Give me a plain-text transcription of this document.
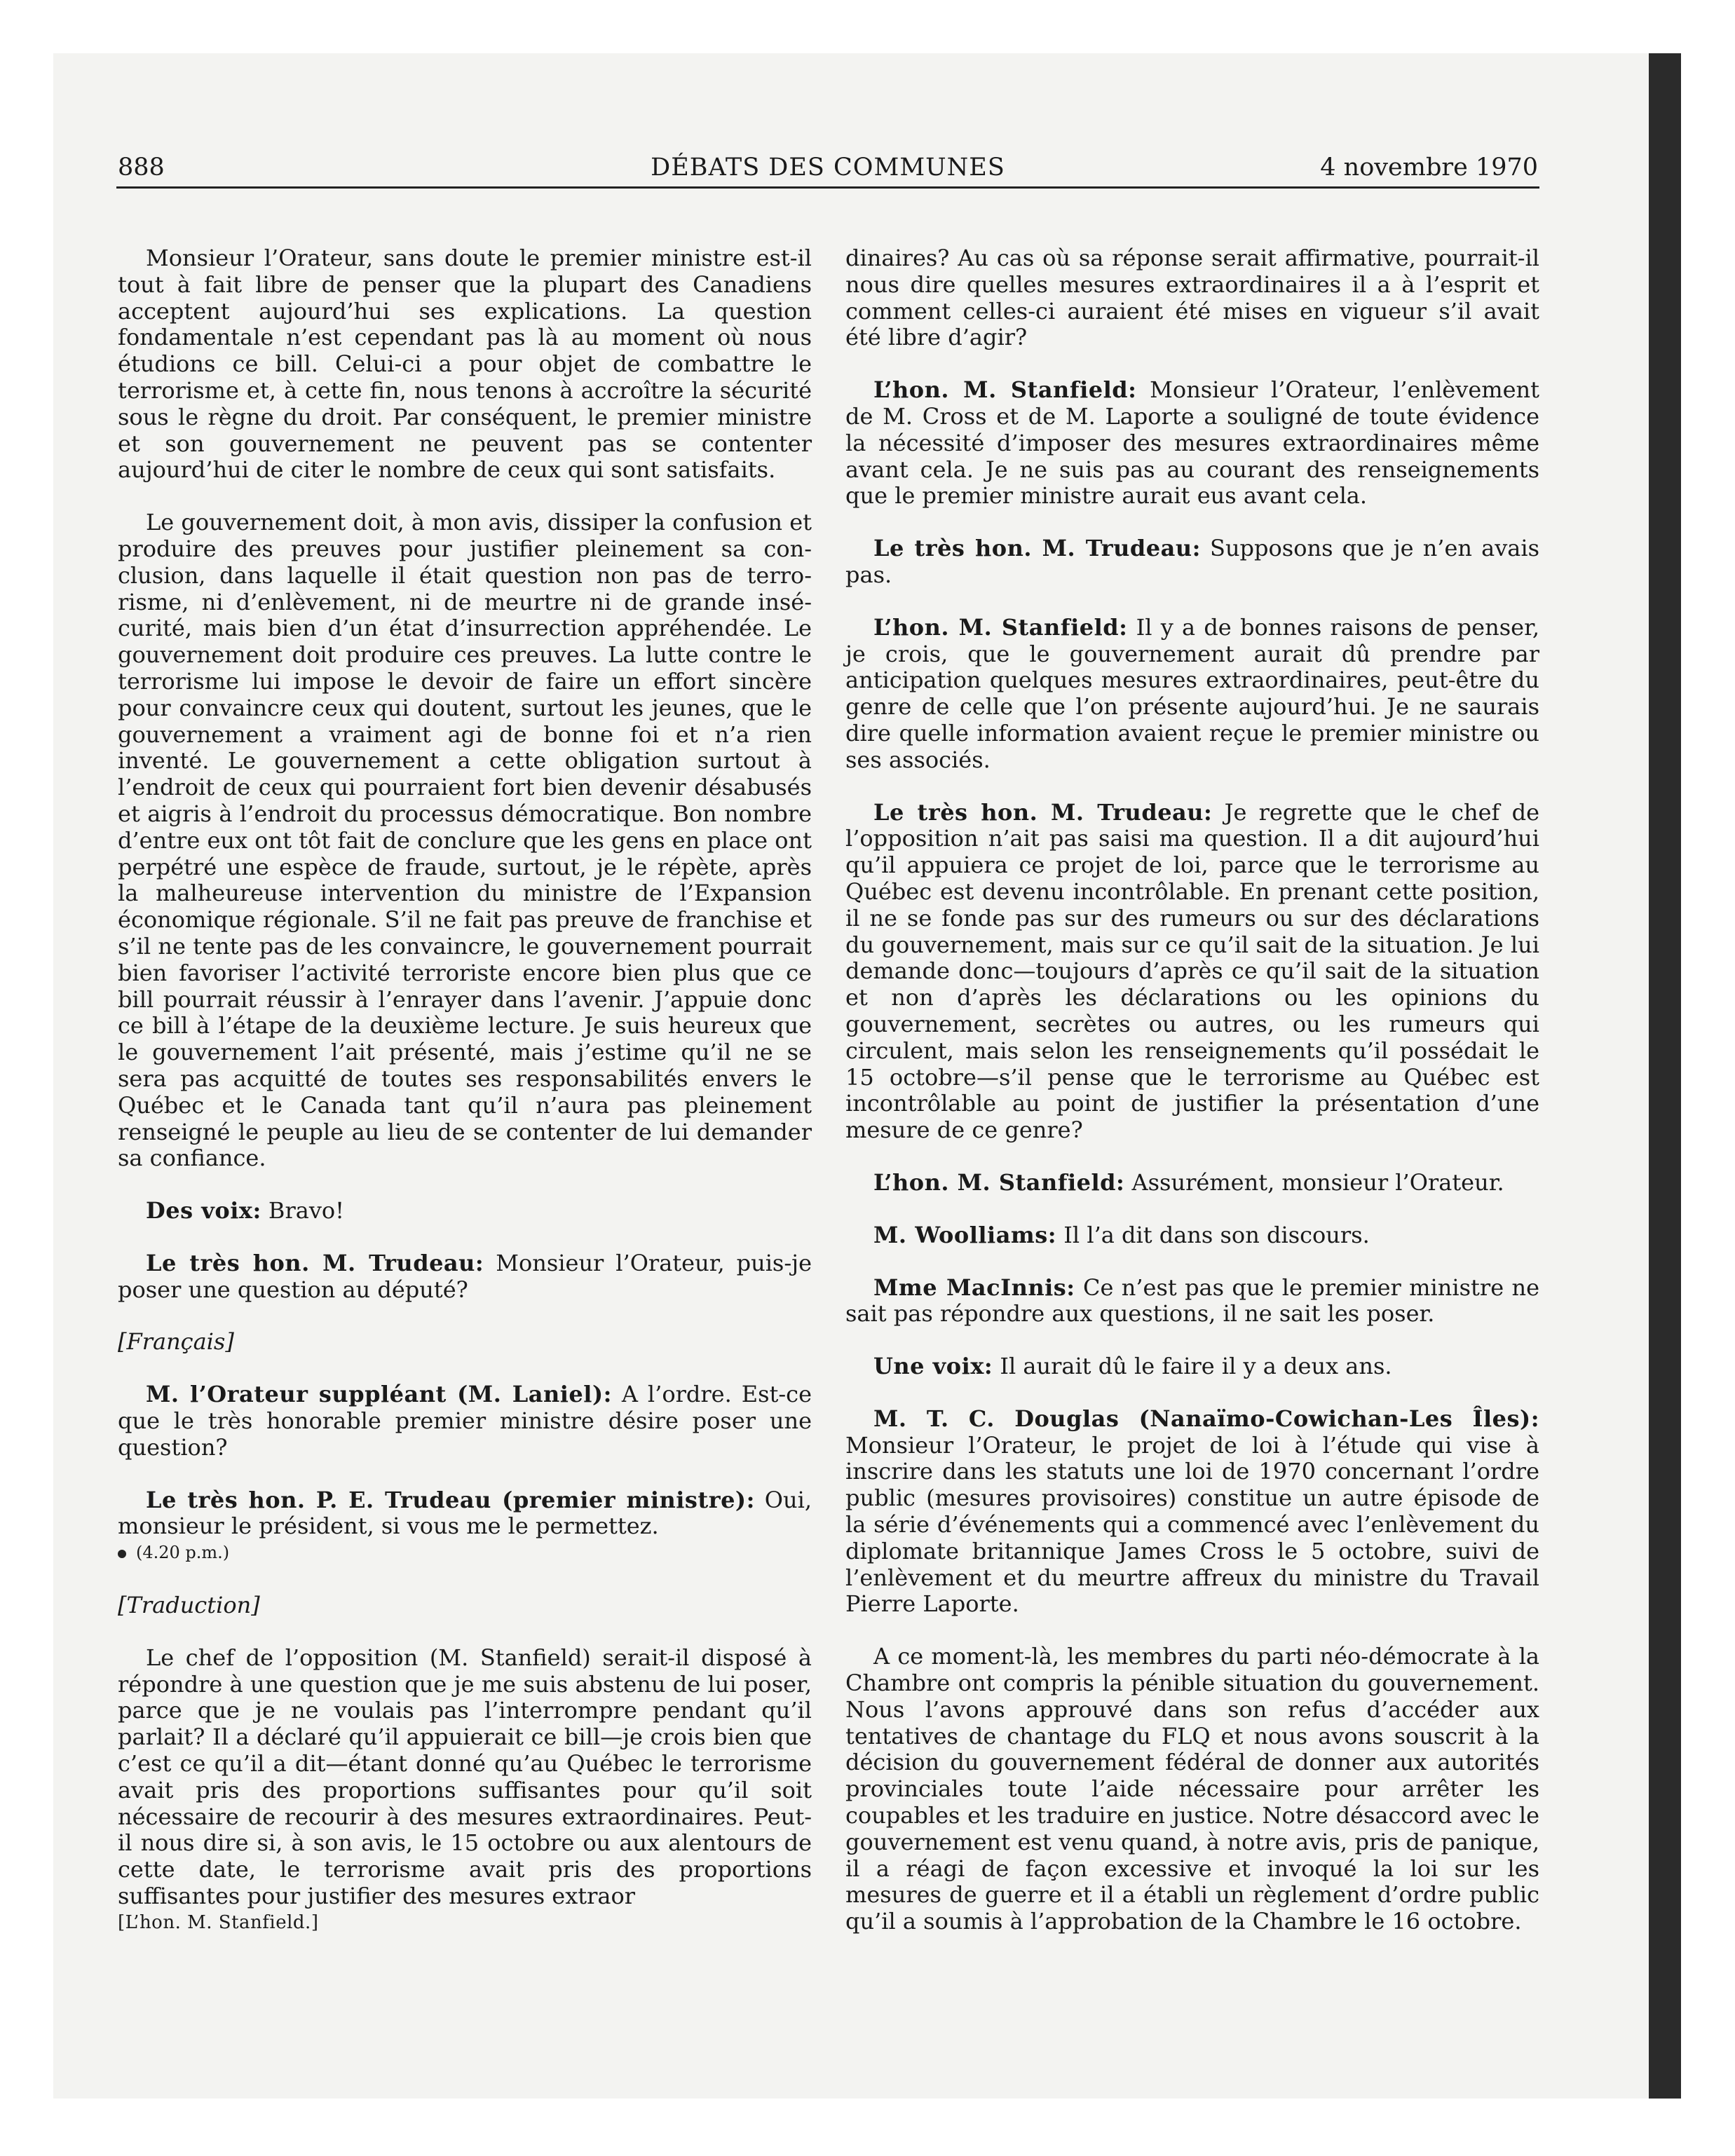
888	DÉBATS DES COMMUNES	4 novembre 1970

Monsieur l’Orateur, sans doute le premier ministre est-il tout à fait libre de penser que la plupart des Canadiens acceptent aujourd’hui ses explications. La question fondamentale n’est cependant pas là au moment où nous étudions ce bill. Celui-ci a pour objet de combattre le terrorisme et, à cette fin, nous tenons à accroître la sécurité sous le règne du droit. Par conséquent, le premier ministre et son gouvernement ne peuvent pas se contenter aujourd’hui de citer le nombre de ceux qui sont satisfaits.

Le gouvernement doit, à mon avis, dissiper la confusion et produire des preuves pour justifier pleinement sa conclusion, dans laquelle il était question non pas de terrorisme, ni d’enlèvement, ni de meurtre ni de grande insécurité, mais bien d’un état d’insurrection appréhendée. Le gouvernement doit produire ces preuves. La lutte contre le terrorisme lui impose le devoir de faire un effort sincère pour convaincre ceux qui doutent, surtout les jeunes, que le gouvernement a vraiment agi de bonne foi et n’a rien inventé. Le gouvernement a cette obligation surtout à l’endroit de ceux qui pourraient fort bien devenir désabusés et aigris à l’endroit du processus démocratique. Bon nombre d’entre eux ont tôt fait de conclure que les gens en place ont perpétré une espèce de fraude, surtout, je le répète, après la malheureuse intervention du ministre de l’Expansion économique régionale. S’il ne fait pas preuve de franchise et s’il ne tente pas de les convaincre, le gouvernement pourrait bien favoriser l’activité terroriste encore bien plus que ce bill pourrait réussir à l’enrayer dans l’avenir. J’appuie donc ce bill à l’étape de la deuxième lecture. Je suis heureux que le gouvernement l’ait présenté, mais j’estime qu’il ne se sera pas acquitté de toutes ses responsabilités envers le Québec et le Canada tant qu’il n’aura pas pleinement renseigné le peuple au lieu de se contenter de lui demander sa confiance.

Des voix: Bravo!

Le très hon. M. Trudeau: Monsieur l’Orateur, puis-je poser une question au député?

[Français]

M. l’Orateur suppléant (M. Laniel): A l’ordre. Est-ce que le très honorable premier ministre désire poser une question?

Le très hon. P. E. Trudeau (premier ministre): Oui, monsieur le président, si vous me le permettez.

(4.20 p.m.)

[Traduction]

Le chef de l’opposition (M. Stanfield) serait-il disposé à répondre à une question que je me suis abstenu de lui poser, parce que je ne voulais pas l’interrompre pendant qu’il parlait? Il a déclaré qu’il appuierait ce bill—je crois bien que c’est ce qu’il a dit—étant donné qu’au Québec le terrorisme avait pris des proportions suffisantes pour qu’il soit nécessaire de recourir à des mesures extraordinaires. Peut-il nous dire si, à son avis, le 15 octobre ou aux alentours de cette date, le terrorisme avait pris des proportions suffisantes pour justifier des mesures extraor

[L’hon. M. Stanfield.]

dinaires? Au cas où sa réponse serait affirmative, pourrait-il nous dire quelles mesures extraordinaires il a à l’esprit et comment celles-ci auraient été mises en vigueur s’il avait été libre d’agir?

L’hon. M. Stanfield: Monsieur l’Orateur, l’enlèvement de M. Cross et de M. Laporte a souligné de toute évidence la nécessité d’imposer des mesures extraordinaires même avant cela. Je ne suis pas au courant des renseignements que le premier ministre aurait eus avant cela.

Le très hon. M. Trudeau: Supposons que je n’en avais pas.

L’hon. M. Stanfield: Il y a de bonnes raisons de penser, je crois, que le gouvernement aurait dû prendre par anticipation quelques mesures extraordinaires, peut-être du genre de celle que l’on présente aujourd’hui. Je ne saurais dire quelle information avaient reçue le premier ministre ou ses associés.

Le très hon. M. Trudeau: Je regrette que le chef de l’opposition n’ait pas saisi ma question. Il a dit aujourd’hui qu’il appuiera ce projet de loi, parce que le terrorisme au Québec est devenu incontrôlable. En prenant cette position, il ne se fonde pas sur des rumeurs ou sur des déclarations du gouvernement, mais sur ce qu’il sait de la situation. Je lui demande donc—toujours d’après ce qu’il sait de la situation et non d’après les déclarations ou les opinions du gouvernement, secrètes ou autres, ou les rumeurs qui circulent, mais selon les renseignements qu’il possédait le 15 octobre—s’il pense que le terrorisme au Québec est incontrôlable au point de justifier la présentation d’une mesure de ce genre?

L’hon. M. Stanfield: Assurément, monsieur l’Orateur.

M. Woolliams: Il l’a dit dans son discours.

Mme MacInnis: Ce n’est pas que le premier ministre ne sait pas répondre aux questions, il ne sait les poser.

Une voix: Il aurait dû le faire il y a deux ans.

M. T. C. Douglas (Nanaïmo-Cowichan-Les Îles): Monsieur l’Orateur, le projet de loi à l’étude qui vise à inscrire dans les statuts une loi de 1970 concernant l’ordre public (mesures provisoires) constitue un autre épisode de la série d’événements qui a commencé avec l’enlèvement du diplomate britannique James Cross le 5 octobre, suivi de l’enlèvement et du meurtre affreux du ministre du Travail Pierre Laporte.

A ce moment-là, les membres du parti néo-démocrate à la Chambre ont compris la pénible situation du gouvernement. Nous l’avons approuvé dans son refus d’accéder aux tentatives de chantage du FLQ et nous avons souscrit à la décision du gouvernement fédéral de donner aux autorités provinciales toute l’aide nécessaire pour arrêter les coupables et les traduire en justice. Notre désaccord avec le gouvernement est venu quand, à notre avis, pris de panique, il a réagi de façon excessive et invoqué la loi sur les mesures de guerre et il a établi un règlement d’ordre public qu’il a soumis à l’approbation de la Chambre le 16 octobre.
